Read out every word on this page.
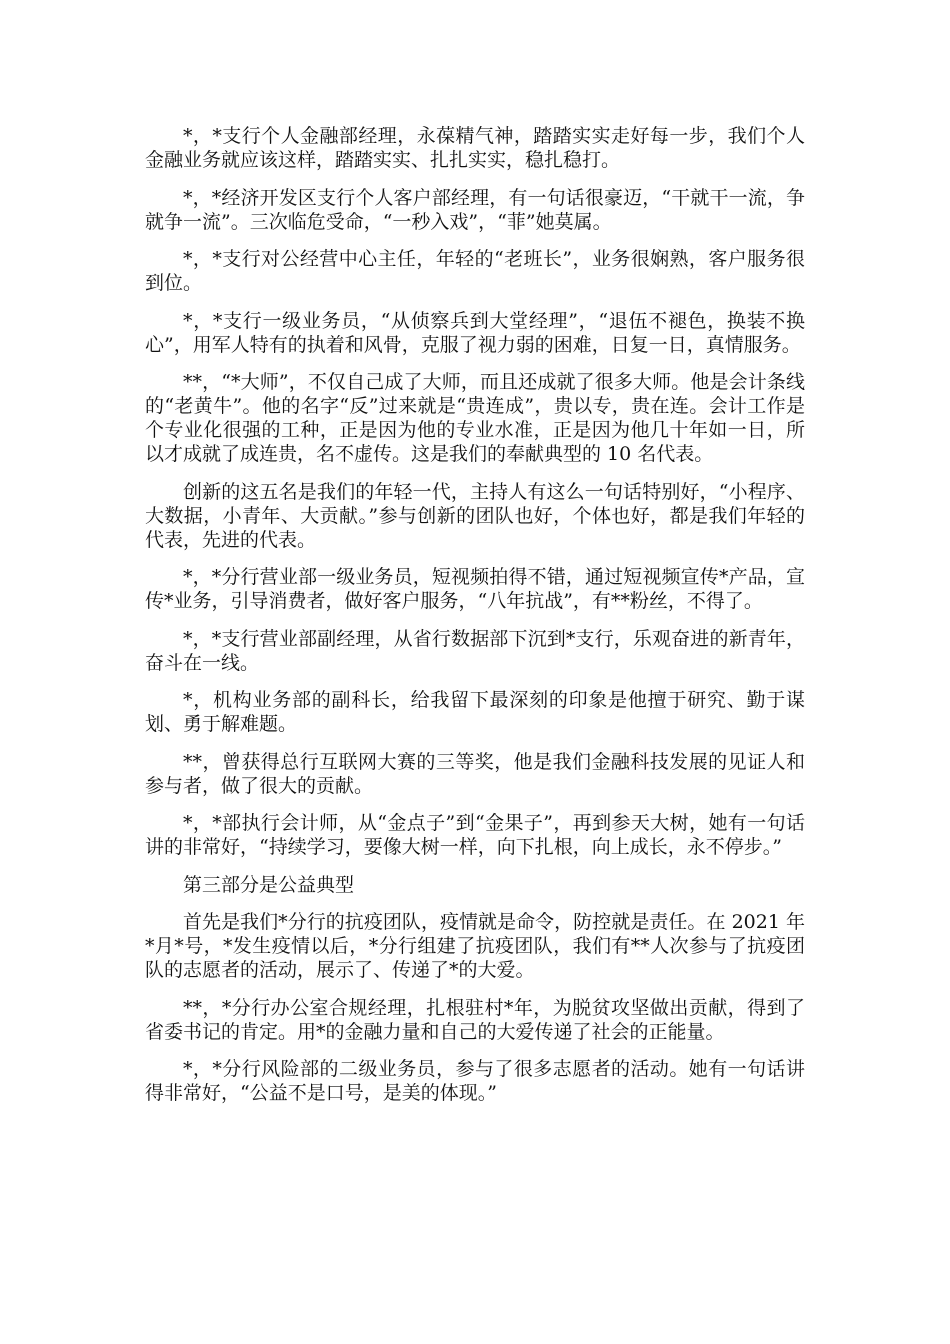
*，*支行个人金融部经理，永葆精气神，踏踏实实走好每一步，我们个人金融业务就应该这样，踏踏实实、扎扎实实，稳扎稳打。

*，*经济开发区支行个人客户部经理，有一句话很豪迈，“干就干一流，争就争一流”。三次临危受命，“一秒入戏”，“菲”她莫属。

*，*支行对公经营中心主任，年轻的“老班长”，业务很娴熟，客户服务很到位。

*，*支行一级业务员，“从侦察兵到大堂经理”，“退伍不褪色，换装不换心”，用军人特有的执着和风骨，克服了视力弱的困难，日复一日，真情服务。

**，“*大师”，不仅自己成了大师，而且还成就了很多大师。他是会计条线的“老黄牛”。他的名字“反”过来就是“贵连成”，贵以专，贵在连。会计工作是个专业化很强的工种，正是因为他的专业水准，正是因为他几十年如一日，所以才成就了成连贵，名不虚传。这是我们的奉献典型的 10 名代表。

创新的这五名是我们的年轻一代，主持人有这么一句话特别好，“小程序、大数据，小青年、大贡献。”参与创新的团队也好，个体也好，都是我们年轻的代表，先进的代表。

*，*分行营业部一级业务员，短视频拍得不错，通过短视频宣传*产品，宣传*业务，引导消费者，做好客户服务，“八年抗战”，有**粉丝，不得了。

*，*支行营业部副经理，从省行数据部下沉到*支行，乐观奋进的新青年，奋斗在一线。

*，机构业务部的副科长，给我留下最深刻的印象是他擅于研究、勤于谋划、勇于解难题。

**，曾获得总行互联网大赛的三等奖，他是我们金融科技发展的见证人和参与者，做了很大的贡献。

*，*部执行会计师，从“金点子”到“金果子”，再到参天大树，她有一句话讲的非常好，“持续学习，要像大树一样，向下扎根，向上成长，永不停步。”

第三部分是公益典型

首先是我们*分行的抗疫团队，疫情就是命令，防控就是责任。在 2021 年*月*号，*发生疫情以后，*分行组建了抗疫团队，我们有**人次参与了抗疫团队的志愿者的活动，展示了、传递了*的大爱。

**，*分行办公室合规经理，扎根驻村*年，为脱贫攻坚做出贡献，得到了省委书记的肯定。用*的金融力量和自己的大爱传递了社会的正能量。

*，*分行风险部的二级业务员，参与了很多志愿者的活动。她有一句话讲得非常好，“公益不是口号，是美的体现。”
